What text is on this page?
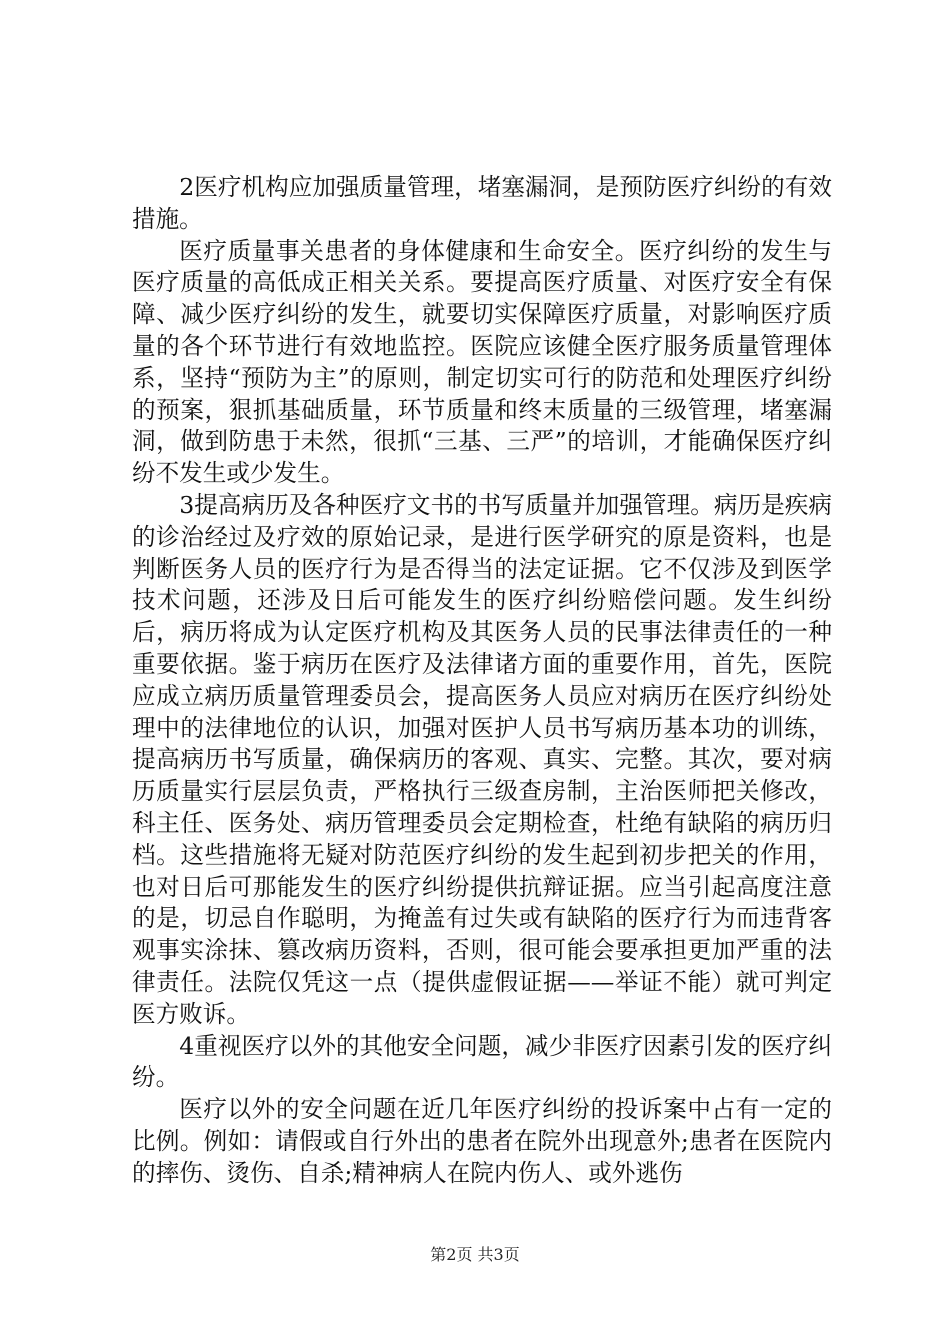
2医疗机构应加强质量管理，堵塞漏洞，是预防医疗纠纷的有效措施。

医疗质量事关患者的身体健康和生命安全。医疗纠纷的发生与医疗质量的高低成正相关关系。要提高医疗质量、对医疗安全有保障、减少医疗纠纷的发生，就要切实保障医疗质量，对影响医疗质量的各个环节进行有效地监控。医院应该健全医疗服务质量管理体系，坚持“预防为主”的原则，制定切实可行的防范和处理医疗纠纷的预案，狠抓基础质量，环节质量和终末质量的三级管理，堵塞漏洞，做到防患于未然，很抓“三基、三严”的培训，才能确保医疗纠纷不发生或少发生。

3提高病历及各种医疗文书的书写质量并加强管理。病历是疾病的诊治经过及疗效的原始记录，是进行医学研究的原是资料，也是判断医务人员的医疗行为是否得当的法定证据。它不仅涉及到医学技术问题，还涉及日后可能发生的医疗纠纷赔偿问题。发生纠纷后，病历将成为认定医疗机构及其医务人员的民事法律责任的一种重要依据。鉴于病历在医疗及法律诸方面的重要作用，首先，医院应成立病历质量管理委员会，提高医务人员应对病历在医疗纠纷处理中的法律地位的认识，加强对医护人员书写病历基本功的训练，提高病历书写质量，确保病历的客观、真实、完整。其次，要对病历质量实行层层负责，严格执行三级查房制，主治医师把关修改，科主任、医务处、病历管理委员会定期检查，杜绝有缺陷的病历归档。这些措施将无疑对防范医疗纠纷的发生起到初步把关的作用，也对日后可那能发生的医疗纠纷提供抗辩证据。应当引起高度注意的是，切忌自作聪明，为掩盖有过失或有缺陷的医疗行为而违背客观事实涂抹、篡改病历资料，否则，很可能会要承担更加严重的法律责任。法院仅凭这一点（提供虚假证据——举证不能）就可判定医方败诉。

4重视医疗以外的其他安全问题，减少非医疗因素引发的医疗纠纷。

医疗以外的安全问题在近几年医疗纠纷的投诉案中占有一定的比例。例如：请假或自行外出的患者在院外出现意外;患者在医院内的摔伤、烫伤、自杀;精神病人在院内伤人、或外逃伤

第2页 共3页
